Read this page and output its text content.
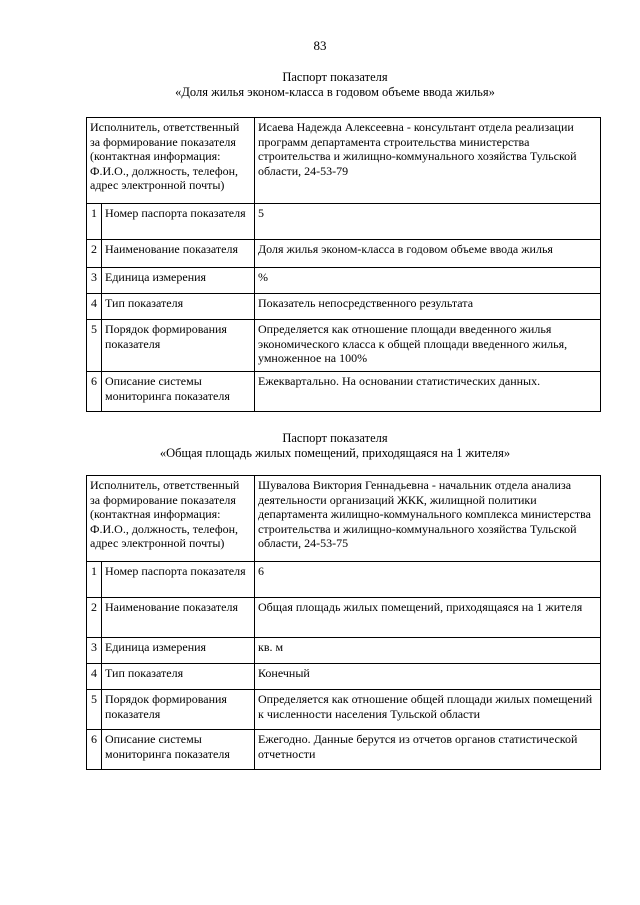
83
Паспорт показателя
«Доля жилья эконом-класса в годовом объеме ввода жилья»
Исполнитель, ответственный за формирование показателя (контактная информация: Ф.И.О., должность, телефон, адрес электронной почты)		Исаева Надежда Алексеевна - консультант отдела реализации программ департамента строительства министерства строительства и жилищно-коммунального хозяйства Тульской области, 24-53-79
1	Номер паспорта показателя	5
2	Наименование показателя	Доля жилья эконом-класса в годовом объеме ввода жилья
3	Единица измерения	%
4	Тип показателя	Показатель непосредственного результата
5	Порядок формирования показателя	Определяется как отношение площади введенного жилья экономического класса к общей площади введенного жилья, умноженное на 100%
6	Описание системы мониторинга показателя	Ежеквартально. На основании статистических данных.
Паспорт показателя
«Общая площадь жилых помещений, приходящаяся на 1 жителя»
Исполнитель, ответственный за формирование показателя (контактная информация: Ф.И.О., должность, телефон, адрес электронной почты)		Шувалова Виктория Геннадьевна - начальник отдела анализа деятельности организаций ЖКК, жилищной политики департамента жилищно-коммунального комплекса министерства строительства и жилищно-коммунального хозяйства Тульской области, 24-53-75
1	Номер паспорта показателя	6
2	Наименование показателя	Общая площадь жилых помещений, приходящаяся на 1 жителя
3	Единица измерения	кв. м
4	Тип показателя	Конечный
5	Порядок формирования показателя	Определяется как отношение общей площади жилых помещений к численности населения Тульской области
6	Описание системы мониторинга показателя	Ежегодно. Данные берутся из отчетов органов статистической отчетности
